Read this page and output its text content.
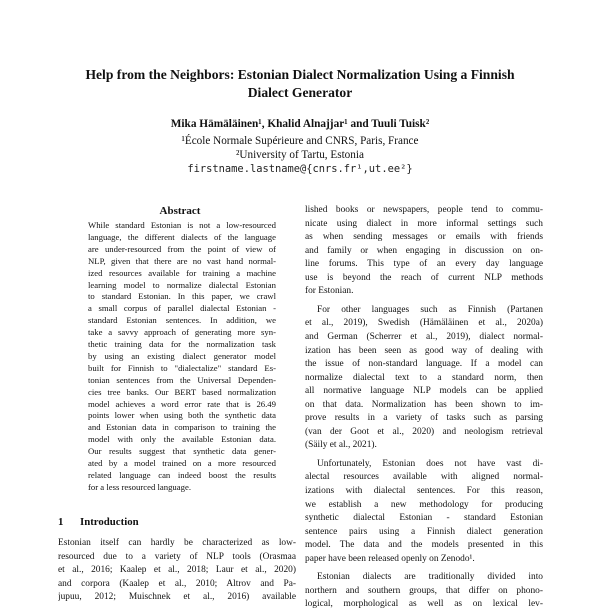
Help from the Neighbors: Estonian Dialect Normalization Using a Finnish
Dialect Generator
Mika Hämäläinen¹, Khalid Alnajjar¹ and Tuuli Tuisk²
¹École Normale Supérieure and CNRS, Paris, France
²University of Tartu, Estonia
firstname.lastname@{cnrs.fr¹,ut.ee²}
Abstract
While standard Estonian is not a low-resourced
language, the different dialects of the language
are under-resourced from the point of view of
NLP, given that there are no vast hand normal-
ized resources available for training a machine
learning model to normalize dialectal Estonian
to standard Estonian. In this paper, we crawl
a small corpus of parallel dialectal Estonian -
standard Estonian sentences. In addition, we
take a savvy approach of generating more syn-
thetic training data for the normalization task
by using an existing dialect generator model
built for Finnish to "dialectalize" standard Es-
tonian sentences from the Universal Dependen-
cies tree banks. Our BERT based normalization
model achieves a word error rate that is 26.49
points lower when using both the synthetic data
and Estonian data in comparison to training the
model with only the available Estonian data.
Our results suggest that synthetic data gener-
ated by a model trained on a more resourced
related language can indeed boost the results
for a less resourced language.
1 Introduction
Estonian itself can hardly be characterized as low-
resourced due to a variety of NLP tools (Orasmaa
et al., 2016; Kaalep et al., 2018; Laur et al., 2020)
and corpora (Kaalep et al., 2010; Altrov and Pa-
jupuu, 2012; Muischnek et al., 2016) available
lished books or newspapers, people tend to commu-
nicate using dialect in more informal settings such
as when sending messages or emails with friends
and family or when engaging in discussion on on-
line forums. This type of an every day language
use is beyond the reach of current NLP methods
for Estonian.
For other languages such as Finnish (Partanen
et al., 2019), Swedish (Hämäläinen et al., 2020a)
and German (Scherrer et al., 2019), dialect normal-
ization has been seen as good way of dealing with
the issue of non-standard language. If a model can
normalize dialectal text to a standard norm, then
all normative language NLP models can be applied
on that data. Normalization has been shown to im-
prove results in a variety of tasks such as parsing
(van der Goot et al., 2020) and neologism retrieval
(Säily et al., 2021).
Unfortunately, Estonian does not have vast di-
alectal resources available with aligned normal-
izations with dialectal sentences. For this reason,
we establish a new methodology for producing
synthetic dialectal Estonian - standard Estonian
sentence pairs using a Finnish dialect generation
model. The data and the models presented in this
paper have been released openly on Zenodo¹.
Estonian dialects are traditionally divided into
northern and southern groups, that differ on phono-
logical, morphological as well as on lexical lev-
